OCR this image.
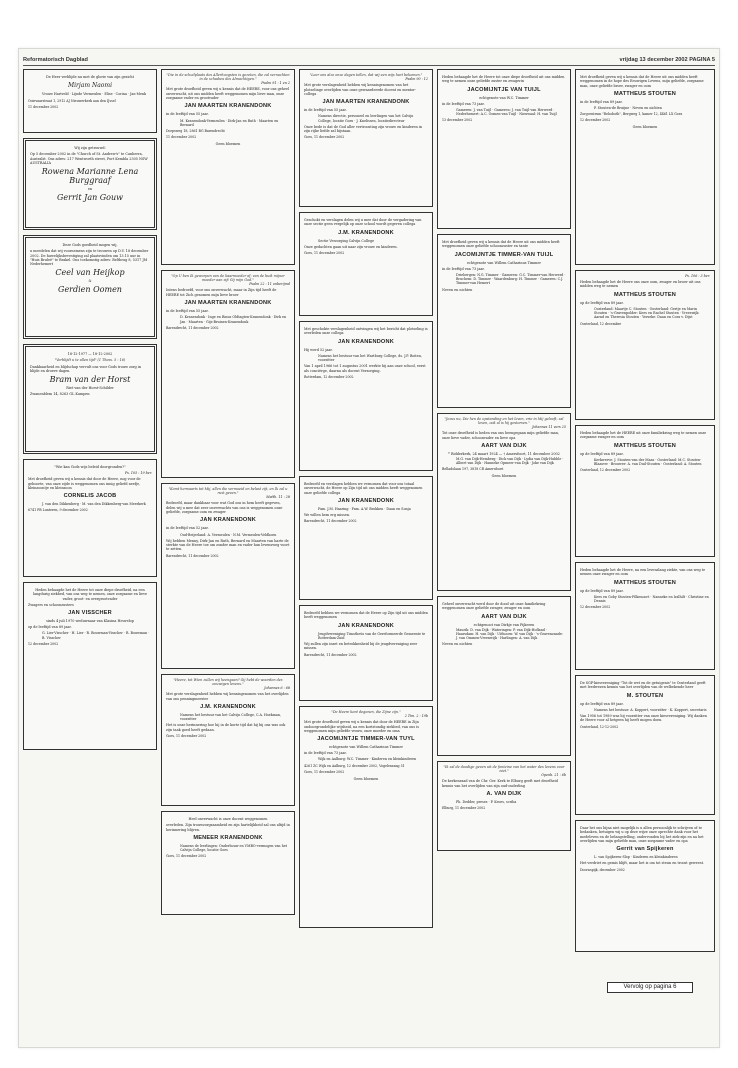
Reformatorisch Dagblad	vrijdag 13 december 2002 PAGINA 5
De Heer verblijde nu met de glorie van zijn gezicht
Mirjam Naomi
Vrouw Hartveld · Lijnde Vermeulen · Elise · Corina · Jan-Menk
Ooievaarstraat 1, 2912 AJ Nieuwerkerk aan den IJssel
11 december 2002
Wij zijn getrouwd:
Op 5 december 2002 in de "Church of St. Andrew's" te Canberra, Australië. Ons adres: 217 Wentworth street, Port Kembla 2505 NSW AUSTRALIA
Rowena Marianne Lena Burggraaf
en
Gerrit Jan Gouw
Deze Gods goedheid mogen wij,
u meedelen dat wij voornemens zijn te trouwen op D.V. 18 december 2002. De huwelijksbevestiging zal plaatsvinden om 13.15 uur in "Huis Bruleë" te Brakel. Ons toekomstig adres: Beltbrug 8, 5317 JM Nederhemert
Ceel van Heijkop
&
Gerdien Oomen
18-12-1977 — 18-12-2002
"Verblijdt u te allen tijd" (1 Thess. 5 : 16)
Dankbaarheid en blijdschap vervult ons voor Gods trouw zorg in blijde en droeve dagen.
Bram van der Horst
Riet van der Horst-Schilder
Zwanenblem 14, 8263 GL Kampen
"Wie kan Gods wijs beleid doorgronden?"
Ps. 105 : 19 ber.
Met droefheid geven wij u kennis dat door de Heere, nog voor de geboorte, van onze zijde is weggenomen ons innig geliefd neefje, kleinzoontje en kleinzoon
CORNELIS JACOB
J. van den Dikkenberg · M. van den Dikkenberg-van Meerkerk
6741 PB Lunteren, 9 december 2002
Heden behaagde het de Heere tot onze diepe droefheid, na een langdurig ziekbed, van ons weg te nemen, onze zorgzame en lieve vader, groot- en overgrootvader
Zwagers en schoonzusters
JAN VISSCHER
sinds 4 juli 1970 weduwnaar van Klasina Heuvelop
op de leeftijd van 89 jaar.
G. Lier-Visscher · H. Lier · R. Bouwman-Visscher · R. Bouwman · B. Visscher
12 december 2002
"Die in de schuilplaats des Allerhoogsten is gezeten, die zal vernachten in de schaduw des Almachtigen."
Psalm 91 : 1 en 2
Met grote droefheid geven wij u kennis dat de HEERE, voor ons geheel onverwacht, uit ons midden heeft weggenomen mijn lieve man, onze zorgzame vader en grootvader
JAN MAARTEN KRANENDONK
in de leeftijd van 55 jaar.
M. Kranendonk-Vermeulen · Dirk-Jan en Ruth · Maarten en Bernard
Dorpsweg 18, 2861 BG Barendrecht
11 december 2002
Geen bloemen
"Op U ben Ik geworpen van de baarmoeder af; van de buik mijner moeder aan zijt Gij mijn God."
Psalm 22 : 11 onberijmd
Intens bedroefd, voor ons onverwacht, maar in Zijn tijd heeft de HEERE tot Zich genomen mijn lieve broer
JAN MAARTEN KRANENDONK
in de leeftijd van 55 jaar.
D. Kranendonk · Inge en Rinus Oldtagten-Kranendonk · Dirk en Jan · Maarten · Gijs-Bruinen-Kranendonk
Barendrecht, 11 december 2002
"Komt herwaarts tot Mij, allen die vermoeid en belast zijt, en Ik zal u rust geven."
Matth. 11 : 28
Bedroefd, maar dankbaar voor wat God ons in hem heeft gegeven, delen wij u mee dat zeer onverwachts van ons is weggenomen onze geliefde, zorgzame oom en zwager
JAN KRANENDONK
in de leeftijd van 52 jaar.
Oud-Beijerland: A. Vermeulen · N.M. Vermeulen-Veldhoen
Wij hebben Menny, Dirk-Jan en Ruth, Bernard en Maarten van harte de sterkte van de Heere toe om zonder man en vader hun levensweg voort te zetten.
Barendrecht, 11 december 2002
"Heere, tot Wien zullen wij heengaan? Gij hebt de woorden des eeuwigen levens."
Johannes 6 : 68
Met grote verslagenheid hebben wij kennisgenomen van het overlijden van ons penningmeester
J.M. KRANENDONK
Namens het bestuur van het Calvijn College, C.A. Hoekman, voorzitter
Het is onze herinnering hoe hij in de korte tijd dat hij bij ons was ook zijn taak goed heeft gedaan.
Goes, 11 december 2002
Heel onverwacht is onze docent weggenomen
overleden. Zijn trouwzorgzaamheid en zijn hartelijkheid zal ons altijd in herinnering blijven.
MENEER KRANENDONK
Namens de leerlingen: Onderbouw en VMBO-vermogen van het Calvijn College, locatie Goes
Goes, 11 december 2002
"Leer ons alzo onze dagen tellen, dat wij een wijs hart bekomen."
Psalm 90 : 12
Met grote verslagenheid hebben wij kennisgenomen van het plotselinge overlijden van onze gewaardeerde docent en mentor-collega
JAN MAARTEN KRANENDONK
in de leeftijd van 55 jaar.
Namens directie, personeel en leerlingen van het Calvijn College, locatie Goes · J. Knelissen, locatiedirecteur
Onze bede is dat de God aller vertroosting zijn vrouw en kinderen in zijn rijke liefde zal bijstaan.
Goes, 11 december 2002
Geschokt en verslagen delen wij u mee dat door de vergadering van onze sectie geen vergelijk op onze school wordt gegeven collega
J.M. KRANENDONK
Sectie Verzorging Calvijn College
Onze gedachten gaan uit naar zijn vrouw en kinderen.
Goes, 11 december 2002
Met geschokte verslagenheid ontvingen wij het bericht dat plotseling is overleden onze collega
JAN KRANENDONK
Hij werd 52 jaar.
Namens het bestuur van het Wartburg College, ds. J.P. Boiten, voorzitter
Van 1 april 1966 tot 1 augustus 2001 werkte hij aan onze school, eerst als conciërge, daarna als docent Verzorging.
Rotterdam, 12 december 2002
Bedroefd en verslagen hebben we vernomen dat voor ons totaal onverwacht, de Heere op Zijn tijd uit ons midden heeft weggenomen onze geliefde collega
JAN KRANENDONK
Fam. J.M. Haaring · Fam. A.W. Brokken · Daan en Sonja
We willen hem erg missen.
Barendrecht, 11 december 2002
Bedroefd hebben we vernomen dat de Heere op Zijn tijd uit ons midden heeft weggenomen
JAN KRANENDONK
Jeugdvereniging Timotheüs van de Gereformeerde Gemeente te Rotterdam-Zuid
Wij zullen zijn inzet en betrokkenheid bij de jeugdvereniging zeer missen.
Barendrecht, 11 december 2002
"De Heere kent degenen, die Zijne zijn."
2 Tim. 2 : 19b
Met grote droefheid geven wij u kennis dat door de HEERE in Zijn ondoorgrondelijke wijsheid, na een kortstondig ziekbed, van ons is weggenomen mijn geliefde vrouw, onze moeder en oma
JACOMIJNTJE TIMMER-VAN TUYL
echtgenote van Willem Catharinus Timmer
in de leeftijd van 73 jaar.
Wijk en Aalburg: W.C. Timmer · Kinderen en kleinkinderen
4261 ZC Wijk en Aalburg, 12 december 2002, Vogelenzang 51
Goes, 11 december 2002
Geen bloemen
Heden behaagde het de Heere tot onze diepe droefheid uit ons midden weg te nemen onze geliefde zuster en zwagerin
JACOMIJNTJE VAN TUIJL
echtgenote van W.C. Timmer
in de leeftijd van 73 jaar.
Gameren: J. van Tuijl · Gameren: J. van Tuijl-van Herwerd · Nederhemert: A.C. Oomen-van Tuijl · Nieuwaal: H. van Tuijl
13 december 2002
Met droefheid geven wij u kennis dat de Heere uit ons midden heeft weggenomen onze geliefde schoonzuster en tante
JACOMIJNTJE TIMMER-VAN TUIJL
echtgenote van Willem Catharinus Timmer
in de leeftijd van 73 jaar.
Driebergen: N.G. Timmer · Gameren: G.C. Timmer-van Herwerd · Bruchem: D. Timmer · Waardenburg: H. Timmer · Gameren: C.J. Timmer-van Hemert
Neven en nichten
"Jezus nu, Die hen de opstanding en het leven, vrie in Mij gelooft, zal leven, ook al is hij gestorven."
Johannes 11 vers 25
Tot onze droefheid is heden van ons heengegaan mijn geliefde man, onze lieve vader, schoonvader en lieve opa
AART VAN DIJK
* Ridderkerk, 24 maart 1924 — † Amersfoort, 11 december 2002
M.G. van Dijk-Hemberg · Dick van Dijk · Lydia van Dijk-Hubble · Albert van Dijk · Hanneke Opmeer-van Dijk · Joke van Dijk
Belladolaan 197, 3818 CR Amersfoort
Geen bloemen
Geheel onverwacht werd door de dood uit onze familiekring weggenomen onze geliefde zwager, zwager en oom
AART VAN DIJK
echtgenoot van Dirkje van Pijkeren
Maurik: D. van Dijk · Wateringen: P. van Dijk-Hofland · Haarsdam: H. van Dijk · Uithoorn: W. van Dijk · 's-Gravenzande: J. van Ommen-Vreenwijk · Harlingen: A. van Dijk
Neven en nichten
"Ik zal de doodige geven uit de fonteine van het water des levens voor niet."
Openb. 21 : 6b
De kerkenraad van de Chr. Ger. Kerk te Elburg geeft met droefheid kennis van het overlijden van zijn oud-ouderling
A. VAN DIJK
Ph. Dedder, preses · P. Kroes, scriba
Elburg, 11 december 2002
Met droefheid geven wij u kennis dat de Heere uit ons midden heeft weggenomen in de hope des Eeuwigen Levens, mijn geliefde, zorgzame man, onze geliefde broer, zwager en oom
MATTHEUS STOUTEN
in de leeftijd van 89 jaar.
P. Stouten-de Bruijne · Neven en nichten
Zorgcentrum "Rehoboth", Bergweg 1, kamer 12, 4461 LX Goes
12 december 2002
Geen bloemen
Ps. 106 : 3 ber.
Heden behaagde het de Heere ons onze oom, zwager en broer uit ons midden weg te nemen
MATTHEUS STOUTEN
op de leeftijd van 89 jaar.
Oosterland: Maartje C. Stouten · Oosterland: Gertje en Marin Stouten · 's-Gravenpolder: Kees en Rachel Stouten · Vreeswijk: Aarnd en Theresia Stouten · Yerseke: Daan en Cora v. Dijst
Oosterland, 12 december
Heden behaagde het de HEERE uit onze familiekring weg te nemen onze zorgzame zwager en oom
MATTHEUS STOUTEN
op de leeftijd van 89 jaar.
Kerkwerve: J. Stouten-van der Maas · Oosterland: M.C. Stouten-Blaasvw · Brouwer: A. van Duil-Stouten · Oosterland: A. Stouten
Oosterland, 12 december 2002
Heden behaagde het de Heere, na een levenslang ziekte, van ons weg te nemen onze zwager en oom
MATTHEUS STOUTEN
op de leeftijd van 89 jaar.
Kees en Goby Stouten-Filkenoort · Nanneke en Izzlhilt · Christine en Dennis
12 december 2002
De SGP-kiesvereniging "Tot de wet en de getuigenis" te Oosterland geeft met leedwezen kennis van het overlijden van de welbekende heer
M. STOUTEN
op de leeftijd van 89 jaar.
Namens het bestuur: A. Koppert, voorzitter · K. Koppert, secretaris
Van 1956 tot 1989 was hij voorzitter van onze kiesvereniging. Wij danken de Heere voor al hetgeen hij heeft mogen doen.
Oosterland, 12-12-2002
Daar het ons bijna niet mogelijk is u allen persoonlijk te schrijven of te bedanken, betuigen wij u op deze wijze onze oprechte dank voor het medeleven en de belangstelling, ondervonden bij het ziek-zijn en na het overlijden van mijn geliefde man, onze zorgzame vader en opa
Gerrit van Spijkeren
L. van Spijkeren-Slop · Kinderen en kleinkinderen
Het verdriet en gemis blijft, maar het is om tot steun en troost geweest.
Doornspijk, december 2002
Vervolg op pagina 6
